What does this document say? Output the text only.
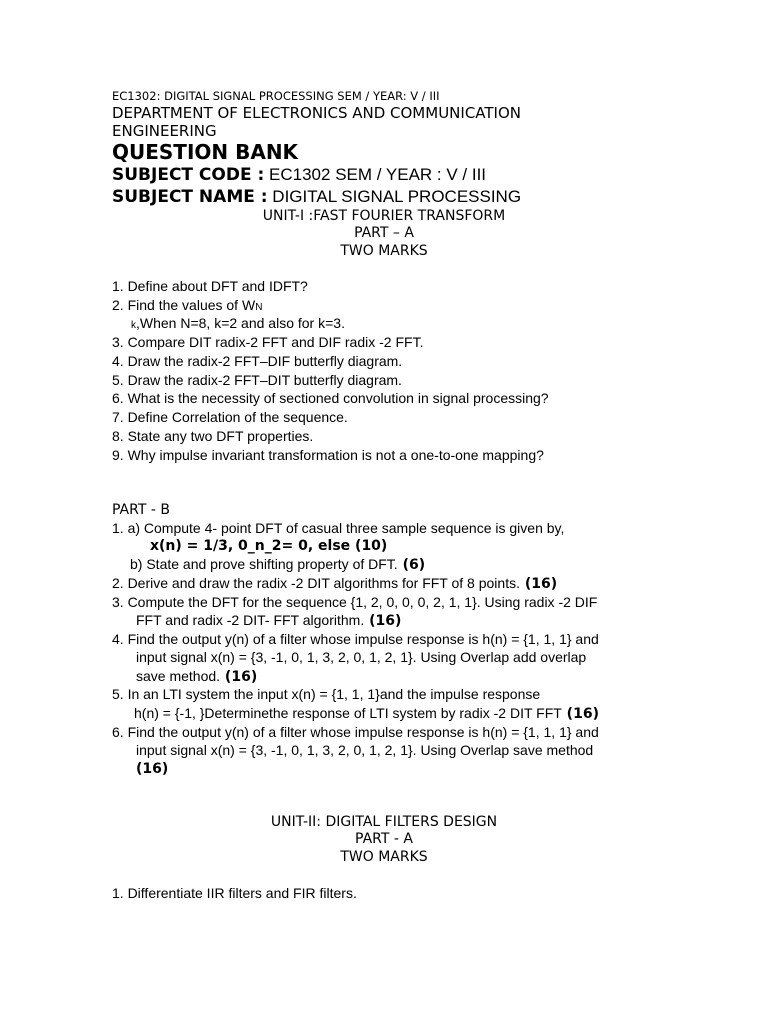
EC1302: DIGITAL SIGNAL PROCESSING SEM / YEAR: V / III
DEPARTMENT OF ELECTRONICS AND COMMUNICATION
ENGINEERING
QUESTION BANK
SUBJECT CODE : EC1302 SEM / YEAR : V / III
SUBJECT NAME : DIGITAL SIGNAL PROCESSING
UNIT-I :FAST FOURIER TRANSFORM
PART – A
TWO MARKS
1. Define about DFT and IDFT?
2. Find the values of WN
k,When N=8, k=2 and also for k=3.
3. Compare DIT radix-2 FFT and DIF radix -2 FFT.
4. Draw the radix-2 FFT–DIF butterfly diagram.
5. Draw the radix-2 FFT–DIT butterfly diagram.
6. What is the necessity of sectioned convolution in signal processing?
7. Define Correlation of the sequence.
8. State any two DFT properties.
9. Why impulse invariant transformation is not a one-to-one mapping?
PART - B
1. a) Compute 4- point DFT of casual three sample sequence is given by,
x(n) = 1/3, 0_n_2= 0, else (10)
b) State and prove shifting property of DFT. (6)
2. Derive and draw the radix -2 DIT algorithms for FFT of 8 points. (16)
3. Compute the DFT for the sequence {1, 2, 0, 0, 0, 2, 1, 1}. Using radix -2 DIF
FFT and radix -2 DIT- FFT algorithm. (16)
4. Find the output y(n) of a filter whose impulse response is h(n) = {1, 1, 1} and
input signal x(n) = {3, -1, 0, 1, 3, 2, 0, 1, 2, 1}. Using Overlap add overlap
save method. (16)
5. In an LTI system the input x(n) = {1, 1, 1}and the impulse response
h(n) = {-1, }Determinethe response of LTI system by radix -2 DIT FFT (16)
6. Find the output y(n) of a filter whose impulse response is h(n) = {1, 1, 1} and
input signal x(n) = {3, -1, 0, 1, 3, 2, 0, 1, 2, 1}. Using Overlap save method
(16)
UNIT-II: DIGITAL FILTERS DESIGN
PART - A
TWO MARKS
1. Differentiate IIR filters and FIR filters.
